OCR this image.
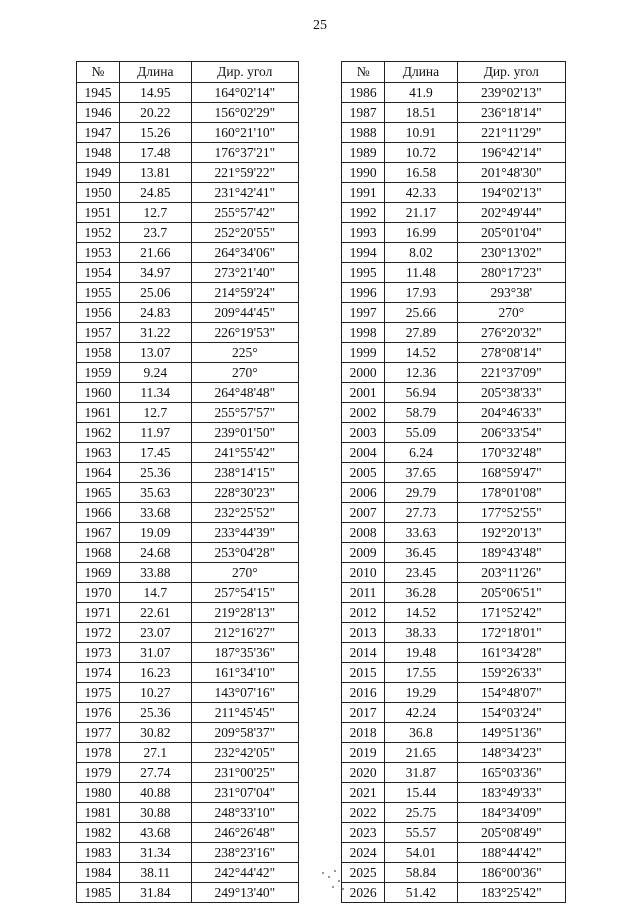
25
№	Длина	Дир. угол
1945	14.95	164°02'14"
1946	20.22	156°02'29"
1947	15.26	160°21'10"
1948	17.48	176°37'21"
1949	13.81	221°59'22"
1950	24.85	231°42'41"
1951	12.7	255°57'42"
1952	23.7	252°20'55"
1953	21.66	264°34'06"
1954	34.97	273°21'40"
1955	25.06	214°59'24"
1956	24.83	209°44'45"
1957	31.22	226°19'53"
1958	13.07	225°
1959	9.24	270°
1960	11.34	264°48'48"
1961	12.7	255°57'57"
1962	11.97	239°01'50"
1963	17.45	241°55'42"
1964	25.36	238°14'15"
1965	35.63	228°30'23"
1966	33.68	232°25'52"
1967	19.09	233°44'39"
1968	24.68	253°04'28"
1969	33.88	270°
1970	14.7	257°54'15"
1971	22.61	219°28'13"
1972	23.07	212°16'27"
1973	31.07	187°35'36"
1974	16.23	161°34'10"
1975	10.27	143°07'16"
1976	25.36	211°45'45"
1977	30.82	209°58'37"
1978	27.1	232°42'05"
1979	27.74	231°00'25"
1980	40.88	231°07'04"
1981	30.88	248°33'10"
1982	43.68	246°26'48"
1983	31.34	238°23'16"
1984	38.11	242°44'42"
1985	31.84	249°13'40"
№	Длина	Дир. угол
1986	41.9	239°02'13"
1987	18.51	236°18'14"
1988	10.91	221°11'29"
1989	10.72	196°42'14"
1990	16.58	201°48'30"
1991	42.33	194°02'13"
1992	21.17	202°49'44"
1993	16.99	205°01'04"
1994	8.02	230°13'02"
1995	11.48	280°17'23"
1996	17.93	293°38'
1997	25.66	270°
1998	27.89	276°20'32"
1999	14.52	278°08'14"
2000	12.36	221°37'09"
2001	56.94	205°38'33"
2002	58.79	204°46'33"
2003	55.09	206°33'54"
2004	6.24	170°32'48"
2005	37.65	168°59'47"
2006	29.79	178°01'08"
2007	27.73	177°52'55"
2008	33.63	192°20'13"
2009	36.45	189°43'48"
2010	23.45	203°11'26"
2011	36.28	205°06'51"
2012	14.52	171°52'42"
2013	38.33	172°18'01"
2014	19.48	161°34'28"
2015	17.55	159°26'33"
2016	19.29	154°48'07"
2017	42.24	154°03'24"
2018	36.8	149°51'36"
2019	21.65	148°34'23"
2020	31.87	165°03'36"
2021	15.44	183°49'33"
2022	25.75	184°34'09"
2023	55.57	205°08'49"
2024	54.01	188°44'42"
2025	58.84	186°00'36"
2026	51.42	183°25'42"
